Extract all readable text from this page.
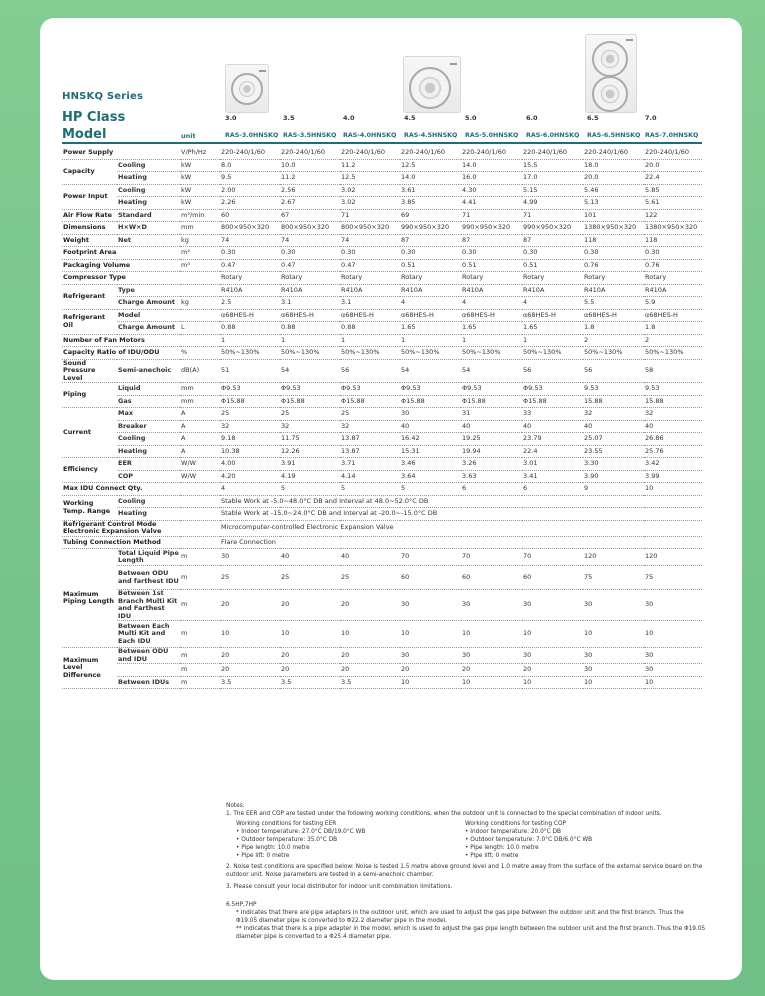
HNSKQ Series
HP Class
Model	unit
3.0	3.5	4.0	4.5	5.0	6.0	6.5	7.0
RAS-3.0HNSKQ RAS-3.5HNSKQ RAS-4.0HNSKQ RAS-4.5HNSKQ RAS-5.0HNSKQ RAS-6.0HNSKQ RAS-6.5HNSKQ RAS-7.0HNSKQ
Power Supply		V/Ph/Hz	220-240/1/60	220-240/1/60	220-240/1/60	220-240/1/60	220-240/1/60	220-240/1/60	220-240/1/60	220-240/1/60
Capacity	Cooling	kW	8.0	10.0	11.2	12.5	14.0	15.5	18.0	20.0
	Heating	kW	9.5	11.2	12.5	14.0	16.0	17.0	20.0	22.4
Power Input	Cooling	kW	2.00	2.56	3.02	3.61	4.30	5.15	5.46	5.85
	Heating	kW	2.26	2.67	3.02	3.85	4.41	4.99	5.13	5.61
Air Flow Rate	Standard	m³/min	60	67	71	69	71	71	101	122
Dimensions	H×W×D	mm	800×950×320	800×950×320	800×950×320	990×950×320	990×950×320	990×950×320	1380×950×320	1380×950×320
Weight	Net	kg	74	74	74	87	87	87	118	118
Footprint Area		m²	0.30	0.30	0.30	0.30	0.30	0.30	0.30	0.30
Packaging Volume		m³	0.47	0.47	0.47	0.51	0.51	0.51	0.76	0.76
Compressor Type			Rotary	Rotary	Rotary	Rotary	Rotary	Rotary	Rotary	Rotary
Refrigerant	Type		R410A	R410A	R410A	R410A	R410A	R410A	R410A	R410A
	Charge Amount	kg	2.5	3.1	3.1	4	4	4	5.5	5.9
Refrigerant Oil	Model		α68HES-H	α68HES-H	α68HES-H	α68HES-H	α68HES-H	α68HES-H	α68HES-H	α68HES-H
	Charge Amount	L	0.88	0.88	0.88	1.65	1.65	1.65	1.8	1.8
Number of Fan Motors			1	1	1	1	1	1	2	2
Capacity Ratio of IDU/ODU		%	50%~130%	50%~130%	50%~130%	50%~130%	50%~130%	50%~130%	50%~130%	50%~130%
Sound Pressure Level	Semi-anechoic	dB(A)	51	54	56	54	54	56	56	58
Piping	Liquid	mm	Φ9.53	Φ9.53	Φ9.53	Φ9.53	Φ9.53	Φ9.53	9.53	9.53
	Gas	mm	Φ15.88	Φ15.88	Φ15.88	Φ15.88	Φ15.88	Φ15.88	15.88	15.88
Current	Max	A	25	25	25	30	31	33	32	32
	Breaker	A	32	32	32	40	40	40	40	40
	Cooling	A	9.18	11.75	13.87	16.42	19.25	23.79	25.07	26.86
	Heating	A	10.38	12.26	13.87	15.31	19.94	22.4	23.55	25.76
Efficiency	EER	W/W	4.00	3.91	3.71	3.46	3.26	3.01	3.30	3.42
	COP	W/W	4.20	4.19	4.14	3.64	3.63	3.41	3.90	3.99
Max IDU Connect Qty.			4	5	5	5	6	6	9	10
Working Temp. Range	Cooling		Stable Work at -5.0~48.0°C DB and Interval at 48.0~52.0°C DB							
	Heating		Stable Work at -15.0~24.0°C DB and Interval at -20.0~-15.0°C DB							
Refrigerant Control Mode Electronic Expansion Valve			Microcomputer-controlled Electronic Expansion Valve							
Tubing Connection Method			Flare Connection							
Maximum Piping Length	Total Liquid Pipe Length	m	30	40	40	70	70	70	120	120
	Between ODU and farthest IDU	m	25	25	25	60	60	60	75	75
	Between 1st Branch Multi Kit and Farthest IDU	m	20	20	20	30	30	30	30	30
	Between Each Multi Kit and Each IDU	m	10	10	10	10	10	10	10	10
Maximum Level Difference	Between ODU and IDU	m	20	20	20	30	30	30	30	30
		m	20	20	20	20	20	20	30	30
	Between IDUs	m	3.5	3.5	3.5	10	10	10	10	10

Notes:

1. The EER and COP are tested under the following working conditions, when the outdoor unit is connected to the special combination of indoor units.

Working conditions for testing EER

• Indoor temperature: 27.0°C DB/19.0°C WB

• Outdoor temperature: 35.0°C DB

• Pipe length: 10.0 metre

• Pipe lift: 0 metre

Working conditions for testing COP

• Indoor temperature: 20.0°C DB

• Outdoor temperature: 7.0°C DB/6.0°C WB

• Pipe length: 10.0 metre

• Pipe lift: 0 metre

2. Noise test conditions are specified below: Noise is tested 1.5 metre above ground level and 1.0 metre away from the surface of the external service board on the outdoor unit. Noise parameters are tested in a semi-anechoic chamber.

3. Please consult your local distributor for indoor unit combination limitations.

6.5HP,7HP

* Indicates that there are pipe adapters in the outdoor unit, which are used to adjust the gas pipe between the outdoor unit and the first branch. Thus the Φ19.05 diameter pipe is converted to Φ22.2 diameter pipe in the model.

** Indicates that there is a pipe adapter in the model, which is used to adjust the gas pipe length between the outdoor unit and the first branch. Thus the Φ19.05 diameter pipe is converted to a Φ25.4 diameter pipe.
